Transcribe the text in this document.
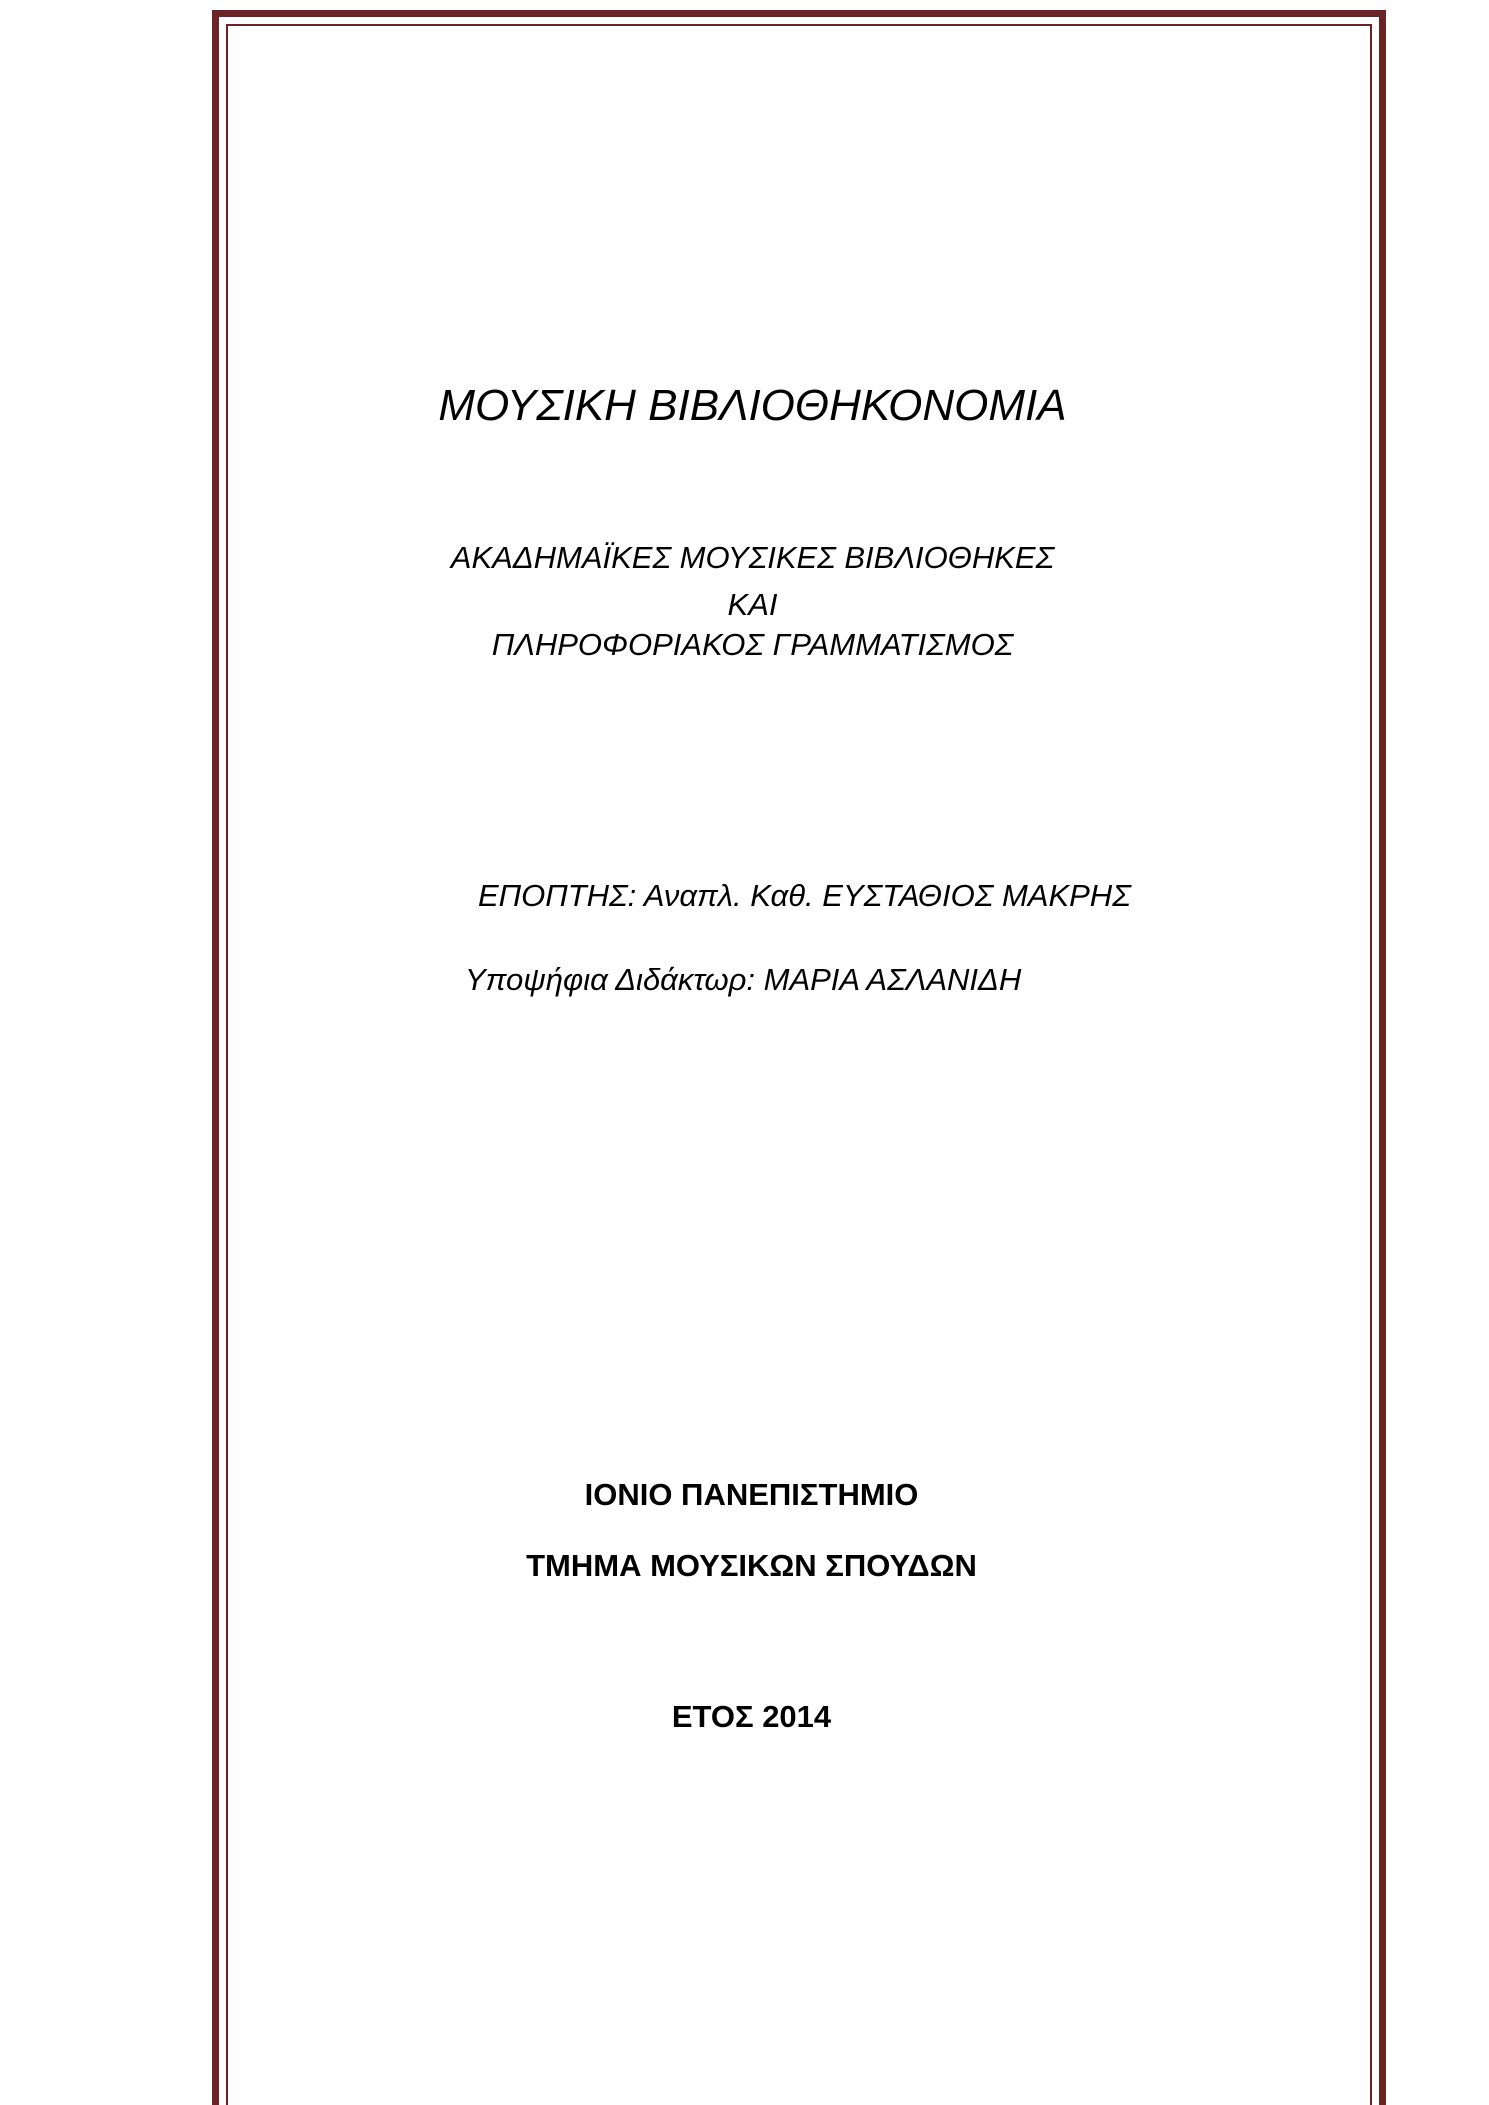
ΜΟΥΣΙΚΗ ΒΙΒΛΙΟΘΗΚΟΝΟΜΙΑ

ΑΚΑΔΗΜΑΪΚΕΣ ΜΟΥΣΙΚΕΣ ΒΙΒΛΙΟΘΗΚΕΣ

ΚΑΙ

ΠΛΗΡΟΦΟΡΙΑΚΟΣ ΓΡΑΜΜΑΤΙΣΜΟΣ

ΕΠΟΠΤΗΣ: Αναπλ. Καθ. ΕΥΣΤΑΘΙΟΣ ΜΑΚΡΗΣ

Υποψήφια Διδάκτωρ: ΜΑΡΙΑ ΑΣΛΑΝΙΔΗ

ΙΟΝΙΟ ΠΑΝΕΠΙΣΤΗΜΙΟ

ΤΜΗΜΑ ΜΟΥΣΙΚΩΝ ΣΠΟΥΔΩΝ

ΕΤΟΣ 2014
